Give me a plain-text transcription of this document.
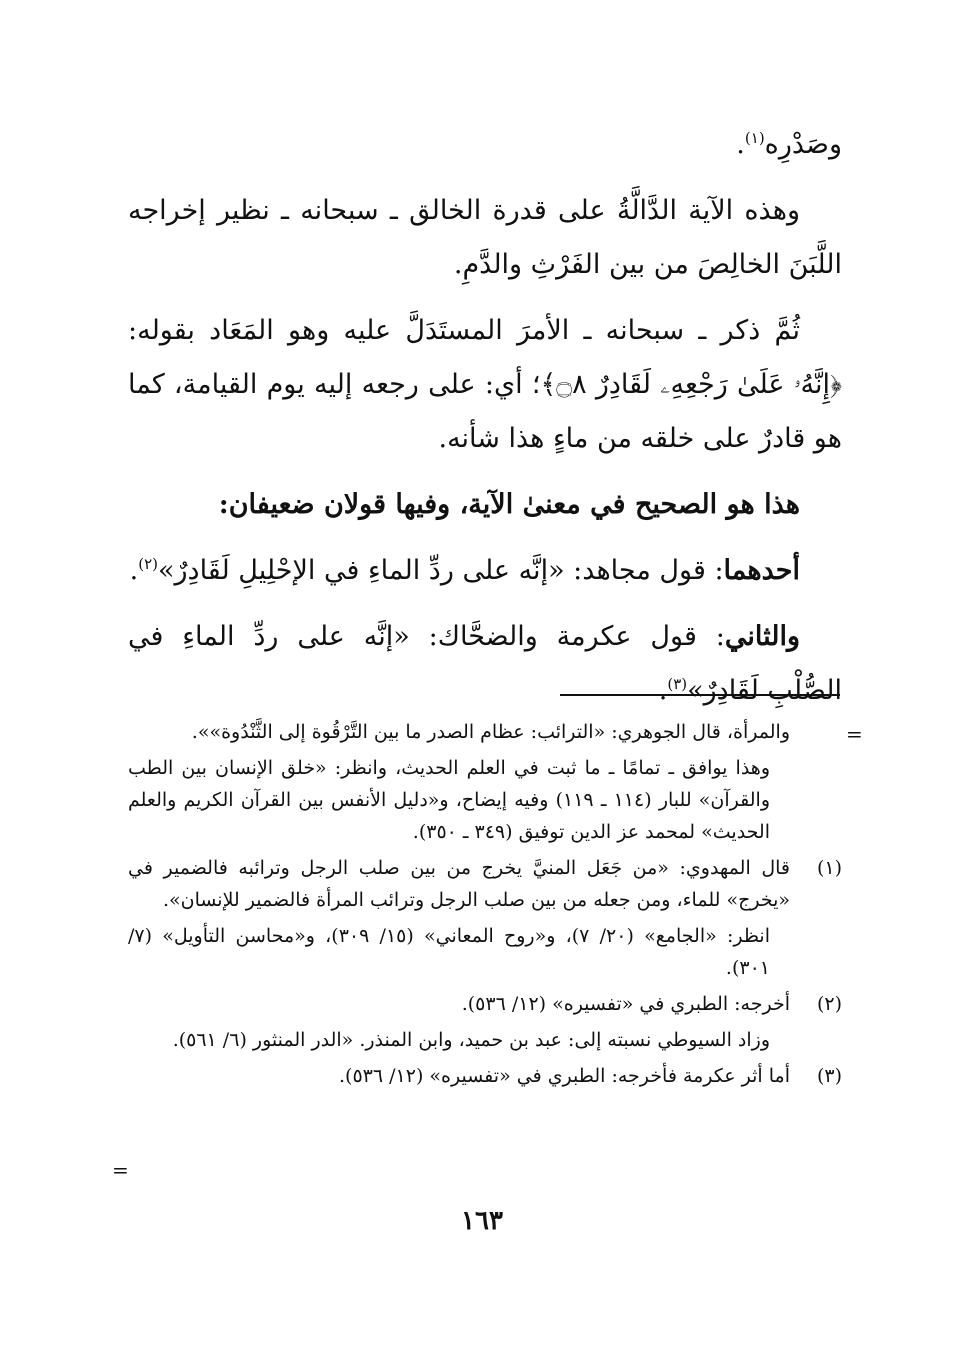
وصَدْرِه$^{(١)}$.

وهذه الآية الدَّالَّةُ على قدرة الخالق ـ سبحانه ـ نظير إخراجه اللَّبَنَ الخالِصَ من بين الفَرْثِ والدَّمِ.

ثُمَّ ذكر ـ سبحانه ـ الأمرَ المستَدَلَّ عليه وهو المَعَاد بقوله: ﴿إِنَّهُۥ عَلَىٰ رَجْعِهِۦ لَقَادِرٌ ۝٨﴾؛ أي: على رجعه إليه يوم القيامة، كما هو قادرٌ على خلقه من ماءٍ هذا شأنه.

هذا هو الصحيح في معنىٰ الآية، وفيها قولان ضعيفان:

أحدهما: قول مجاهد: «إنَّه على ردِّ الماءِ في الإحْلِيلِ لَقَادِرٌ»$^{(٢)}$.

والثاني: قول عكرمة والضحَّاك: «إنَّه على ردِّ الماءِ في الصُّلْبِ لَقَادِرٌ»$^{(٣)}$.

=

والمرأة، قال الجوهري: «الترائب: عظام الصدر ما بين التَّرْقُوة إلى الثَّنْدُوة»».

وهذا يوافق ـ تمامًا ـ ما ثبت في العلم الحديث، وانظر: «خلق الإنسان بين الطب والقرآن» للبار (١١٤ ـ ١١٩) وفيه إيضاح، و«دليل الأنفس بين القرآن الكريم والعلم الحديث» لمحمد عز الدين توفيق (٣٤٩ ـ ٣٥٠).

(١)

قال المهدوي: «من جَعَل المنيَّ يخرج من بين صلب الرجل وترائبه فالضمير في «يخرج» للماء، ومن جعله من بين صلب الرجل وترائب المرأة فالضمير للإنسان».

انظر: «الجامع» (٢٠/ ٧)، و«روح المعاني» (١٥/ ٣٠٩)، و«محاسن التأويل» (٧/ ٣٠١).

(٢)

أخرجه: الطبري في «تفسيره» (١٢/ ٥٣٦).

وزاد السيوطي نسبته إلى: عبد بن حميد، وابن المنذر. «الدر المنثور (٦/ ٥٦١).

(٣)

أما أثر عكرمة فأخرجه: الطبري في «تفسيره» (١٢/ ٥٣٦).

=
١٦٣
